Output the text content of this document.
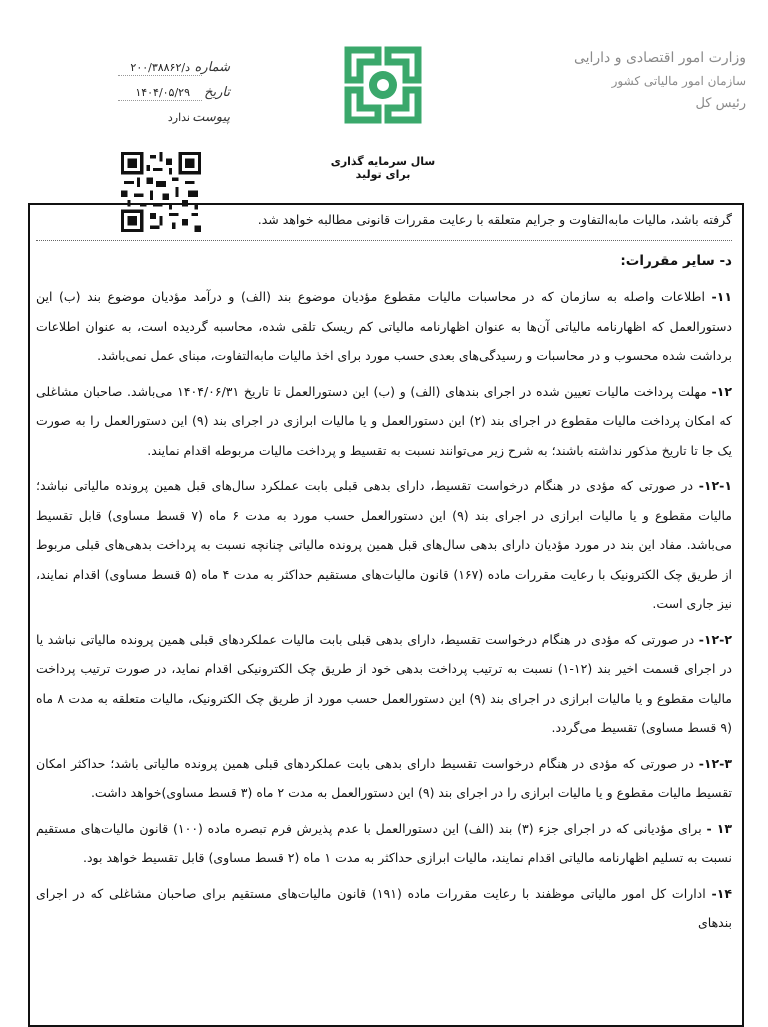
وزارت امور اقتصادی و دارایی
سازمان امور مالیاتی کشور
رئیس کل
سال سرمایه گذاری برای تولید
شماره
د/۲۰۰/۳۸۸۶۲
تاریخ
۱۴۰۴/۰۵/۲۹
پیوست
ندارد

گرفته باشد، مالیات مابه‌التفاوت و جرایم متعلقه با رعایت مقررات قانونی مطالبه خواهد شد.

د- سایر مقررات:

۱۱- اطلاعات واصله به سازمان که در محاسبات مالیات مقطوع مؤدیان موضوع بند (الف) و درآمد مؤدیان موضوع بند (ب) این دستورالعمل که اظهارنامه مالیاتی آن‌ها به عنوان اظهارنامه مالیاتی کم ریسک تلقی شده، محاسبه گردیده است، به عنوان اطلاعات برداشت شده محسوب و در محاسبات و رسیدگی‌های بعدی حسب مورد برای اخذ مالیات مابه‌التفاوت، مبنای عمل نمی‌باشد.

۱۲- مهلت پرداخت مالیات تعیین شده در اجرای بندهای (الف) و (ب) این دستورالعمل تا تاریخ ۱۴۰۴/۰۶/۳۱ می‌باشد. صاحبان مشاغلی که امکان پرداخت مالیات مقطوع در اجرای بند (۲) این دستورالعمل و یا مالیات ابرازی در اجرای بند (۹) این دستورالعمل را به صورت یک جا تا تاریخ مذکور نداشته باشند؛ به شرح زیر می‌توانند نسبت به تقسیط و پرداخت مالیات مربوطه اقدام نمایند.

۱۲-۱- در صورتی که مؤدی در هنگام درخواست تقسیط، دارای بدهی قبلی بابت عملکرد سال‌های قبل همین پرونده مالیاتی نباشد؛ مالیات مقطوع و یا مالیات ابرازی در اجرای بند (۹) این دستورالعمل حسب مورد به مدت ۶ ماه (۷ قسط مساوی) قابل تقسیط می‌باشد. مفاد این بند در مورد مؤدیان دارای بدهی سال‌های قبل همین پرونده مالیاتی چنانچه نسبت به پرداخت بدهی‌های قبلی مربوط از طریق چک الکترونیک با رعایت مقررات ماده (۱۶۷) قانون مالیات‌های مستقیم حداکثر به مدت ۴ ماه (۵ قسط مساوی) اقدام نمایند، نیز جاری است.

۱۲-۲- در صورتی که مؤدی در هنگام درخواست تقسیط، دارای بدهی قبلی بابت مالیات عملکردهای قبلی همین پرونده مالیاتی نباشد یا در اجرای قسمت اخیر بند (۱۲-۱) نسبت به ترتیب پرداخت بدهی خود از طریق چک الکترونیکی اقدام نماید، در صورت ترتیب پرداخت مالیات مقطوع و یا مالیات ابرازی در اجرای بند (۹) این دستورالعمل حسب مورد از طریق چک الکترونیک، مالیات متعلقه به مدت ۸ ماه (۹ قسط مساوی) تقسیط می‌گردد.

۱۲-۳- در صورتی که مؤدی در هنگام درخواست تقسیط دارای بدهی بابت عملکردهای قبلی همین پرونده مالیاتی باشد؛ حداکثر امکان تقسیط مالیات مقطوع و یا مالیات ابرازی را در اجرای بند (۹) این دستورالعمل به مدت ۲ ماه (۳ قسط مساوی)خواهد داشت.

۱۳ - برای مؤدیانی که در اجرای جزء (۳) بند (الف) این دستورالعمل با عدم پذیرش فرم تبصره ماده (۱۰۰) قانون مالیات‌های مستقیم نسبت به تسلیم اظهارنامه مالیاتی اقدام نمایند، مالیات ابرازی حداکثر به مدت ۱ ماه (۲ قسط مساوی) قابل تقسیط خواهد بود.

۱۴- ادارات کل امور مالیاتی موظفند با رعایت مقررات ماده (۱۹۱) قانون مالیات‌های مستقیم برای صاحبان مشاغلی که در اجرای بندهای
